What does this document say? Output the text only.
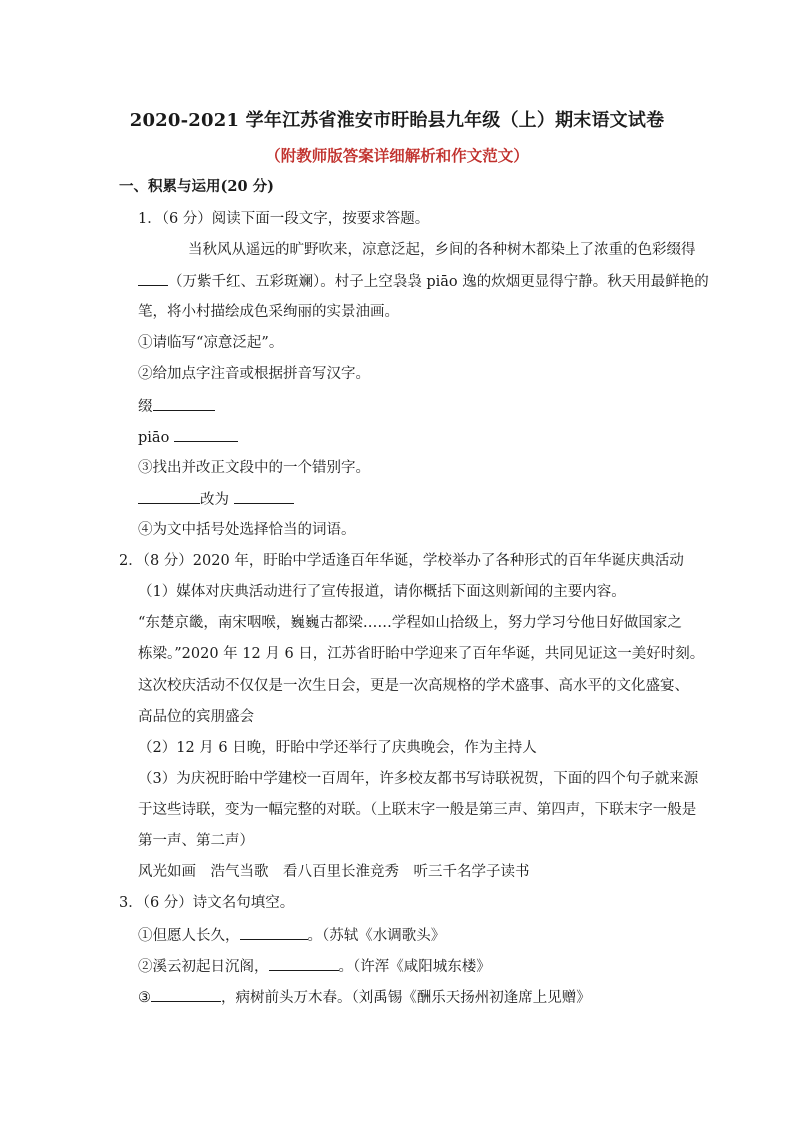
2020-2021 学年江苏省淮安市盱眙县九年级（上）期末语文试卷
（附教师版答案详细解析和作文范文）
一、积累与运用(20 分)
1．（6 分）阅读下面一段文字，按要求答题。
当秋风从遥远的旷野吹来，凉意泛起，乡间的各种树木都染上了浓重的色彩缀得
（万紫千红、五彩斑斓）。村子上空袅袅 piāo 逸的炊烟更显得宁静。秋天用最鲜艳的
笔，将小村描绘成色采绚丽的实景油画。
①请临写“凉意泛起”。
②给加点字注音或根据拼音写汉字。
缀
piāo
③找出并改正文段中的一个错别字。
改为
④为文中括号处选择恰当的词语。
2．（8 分）2020 年，盱眙中学适逢百年华诞，学校举办了各种形式的百年华诞庆典活动
（1）媒体对庆典活动进行了宣传报道，请你概括下面这则新闻的主要内容。
“东楚京畿，南宋咽喉，巍巍古都梁……学程如山拾级上，努力学习兮他日好做国家之
栋梁。”2020 年 12 月 6 日，江苏省盱眙中学迎来了百年华诞，共同见证这一美好时刻。
这次校庆活动不仅仅是一次生日会，更是一次高规格的学术盛事、高水平的文化盛宴、
高品位的宾朋盛会
（2）12 月 6 日晚，盱眙中学还举行了庆典晚会，作为主持人
（3）为庆祝盱眙中学建校一百周年，许多校友都书写诗联祝贺，下面的四个句子就来源
于这些诗联，变为一幅完整的对联。（上联末字一般是第三声、第四声，下联末字一般是
第一声、第二声）
风光如画　浩气当歌　看八百里长淮竞秀　听三千名学子读书
3．（6 分）诗文名句填空。
①但愿人长久，	。（苏轼《水调歌头》
②溪云初起日沉阁，	。（许浑《咸阳城东楼》
③	，病树前头万木春。（刘禹锡《酬乐天扬州初逢席上见赠》
